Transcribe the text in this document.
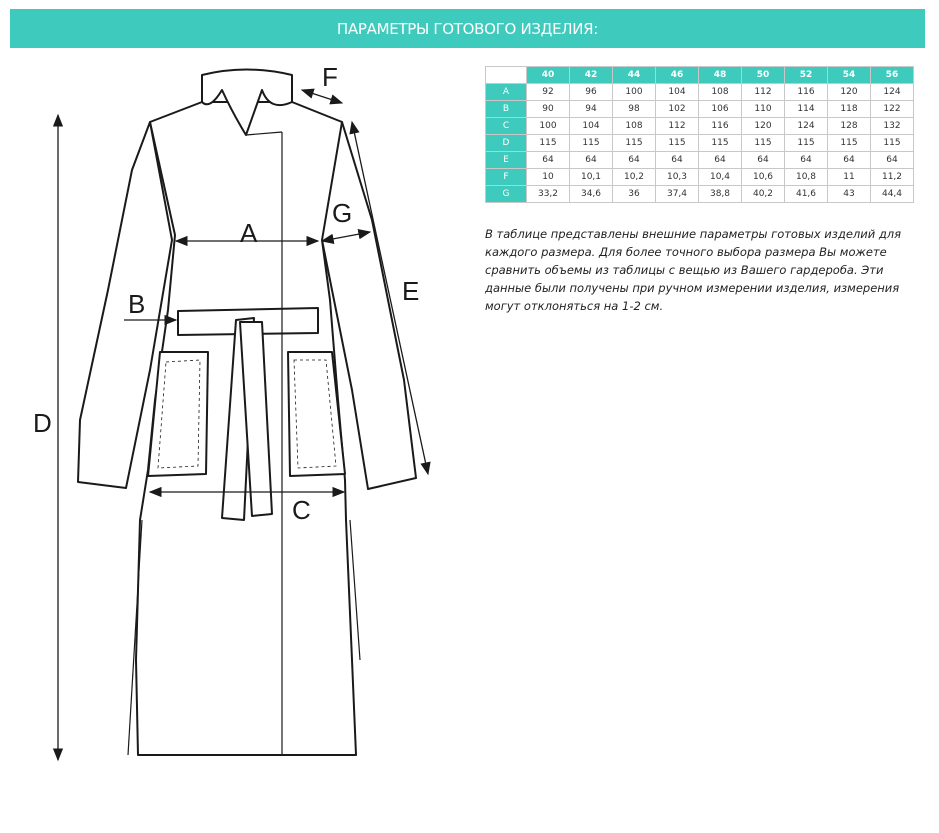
ПАРАМЕТРЫ ГОТОВОГО ИЗДЕЛИЯ:
A
B
C
D
E
F
G
	40	42	44	46	48	50	52	54	56
A	92	96	100	104	108	112	116	120	124
B	90	94	98	102	106	110	114	118	122
C	100	104	108	112	116	120	124	128	132
D	115	115	115	115	115	115	115	115	115
E	64	64	64	64	64	64	64	64	64
F	10	10,1	10,2	10,3	10,4	10,6	10,8	11	11,2
G	33,2	34,6	36	37,4	38,8	40,2	41,6	43	44,4

В таблице представлены внешние параметры готовых изделий для каждого размера. Для более точного выбора размера Вы можете сравнить объемы из таблицы с вещью из Вашего гардероба. Эти данные были получены при ручном измерении изделия, измерения могут отклоняться на 1-2 см.
